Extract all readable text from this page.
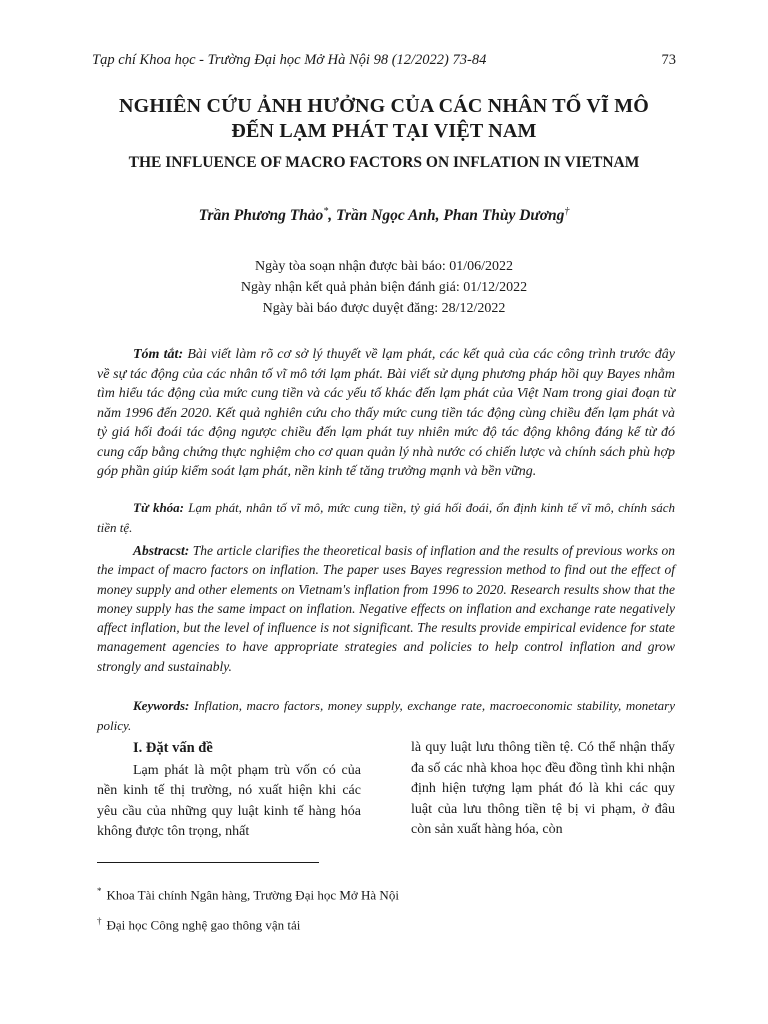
Tạp chí Khoa học - Trường Đại học Mở Hà Nội 98 (12/2022) 73-84	73
NGHIÊN CỨU ẢNH HƯỞNG CỦA CÁC NHÂN TỐ VĨ MÔ
ĐẾN LẠM PHÁT TẠI VIỆT NAM
THE INFLUENCE OF MACRO FACTORS ON INFLATION IN VIETNAM
Trần Phương Thảo*, Trần Ngọc Anh, Phan Thùy Dương†
Ngày tòa soạn nhận được bài báo: 01/06/2022
Ngày nhận kết quả phản biện đánh giá: 01/12/2022
Ngày bài báo được duyệt đăng: 28/12/2022
Tóm tắt: Bài viết làm rõ cơ sở lý thuyết về lạm phát, các kết quả của các công trình trước đây về sự tác động của các nhân tố vĩ mô tới lạm phát. Bài viết sử dụng phương pháp hồi quy Bayes nhằm tìm hiểu tác động của mức cung tiền và các yếu tố khác đến lạm phát của Việt Nam trong giai đoạn từ năm 1996 đến 2020. Kết quả nghiên cứu cho thấy mức cung tiền tác động cùng chiều đến lạm phát và tỷ giá hối đoái tác động ngược chiều đến lạm phát tuy nhiên mức độ tác động không đáng kể từ đó cung cấp bằng chứng thực nghiệm cho cơ quan quản lý nhà nước có chiến lược và chính sách phù hợp góp phần giúp kiểm soát lạm phát, nền kinh tế tăng trưởng mạnh và bền vững.
Từ khóa: Lạm phát, nhân tố vĩ mô, mức cung tiền, tỷ giá hối đoái, ổn định kinh tế vĩ mô, chính sách tiền tệ.
Abstracst: The article clarifies the theoretical basis of inflation and the results of previous works on the impact of macro factors on inflation. The paper uses Bayes regression method to find out the effect of money supply and other elements on Vietnam's inflation from 1996 to 2020. Research results show that the money supply has the same impact on inflation. Negative effects on inflation and exchange rate negatively affect inflation, but the level of influence is not significant. The results provide empirical evidence for state management agencies to have appropriate strategies and policies to help control inflation and grow strongly and sustainably.
Keywords: Inflation, macro factors, money supply, exchange rate, macroeconomic stability, monetary policy.
I. Đặt vấn đề

Lạm phát là một phạm trù vốn có của nền kinh tế thị trường, nó xuất hiện khi các yêu cầu của những quy luật kinh tế hàng hóa không được tôn trọng, nhất

là quy luật lưu thông tiền tệ. Có thể nhận thấy đa số các nhà khoa học đều đồng tình khi nhận định hiện tượng lạm phát đó là khi các quy luật của lưu thông tiền tệ bị vi phạm, ở đâu còn sản xuất hàng hóa, còn

* Khoa Tài chính Ngân hàng, Trường Đại học Mở Hà Nội
† Đại học Công nghệ gao thông vận tải
